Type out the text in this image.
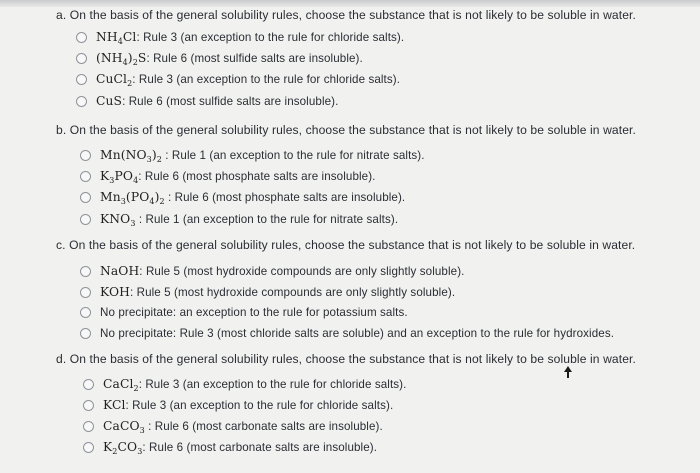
a. On the basis of the general solubility rules, choose the substance that is not likely to be soluble in water.
$NH_4Cl$ : Rule 3 (an exception to the rule for chloride salts).
$(NH_4)_2S$ : Rule 6 (most sulfide salts are insoluble).
CuCl$_2$ : Rule 3 (an exception to the rule for chloride salts).
CuS : Rule 6 (most sulfide salts are insoluble).
b. On the basis of the general solubility rules, choose the substance that is not likely to be soluble in water.
$Mn(NO_3)_2$ : Rule 1 (an exception to the rule for nitrate salts).
$K_3PO_4$ : Rule 6 (most phosphate salts are insoluble).
$Mn_3(PO_4)_2$ : Rule 6 (most phosphate salts are insoluble).
$KNO_3$ : Rule 1 (an exception to the rule for nitrate salts).
c. On the basis of the general solubility rules, choose the substance that is not likely to be soluble in water.
NaOH : Rule 5 (most hydroxide compounds are only slightly soluble).
KOH : Rule 5 (most hydroxide compounds are only slightly soluble).
No precipitate: an exception to the rule for potassium salts.
No precipitate: Rule 3 (most chloride salts are soluble) and an exception to the rule for hydroxides.
d. On the basis of the general solubility rules, choose the substance that is not likely to be soluble in water.
CaCl$_2$ : Rule 3 (an exception to the rule for chloride salts).
KCl : Rule 3 (an exception to the rule for chloride salts).
CaCO$_3$ : Rule 6 (most carbonate salts are insoluble).
$K_2CO_3$ : Rule 6 (most carbonate salts are insoluble).
